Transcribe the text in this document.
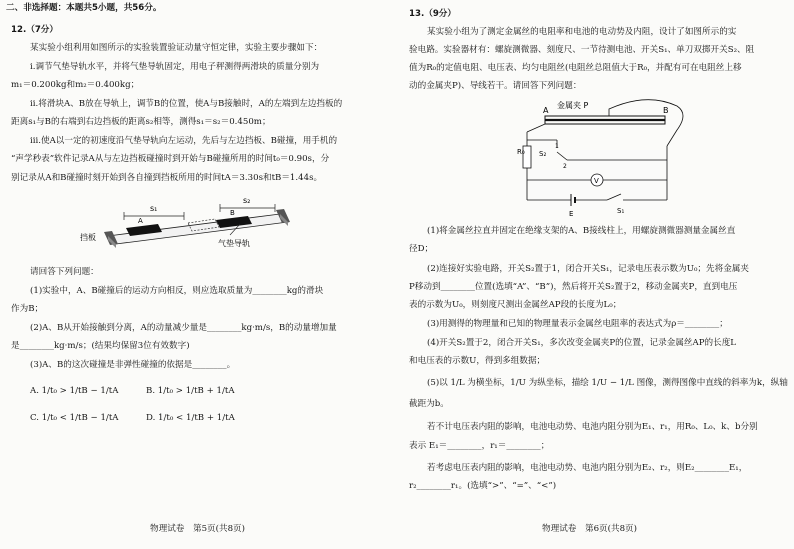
二、非选择题：本题共5小题，共56分。
12.（7分）
某实验小组利用如图所示的实验装置验证动量守恒定律，实验主要步骤如下：
i.调节气垫导轨水平，并将气垫导轨固定，用电子秤测得两滑块的质量分别为
m₁＝0.200kg和m₂＝0.400kg；
ii.将滑块A、B放在导轨上，调节B的位置，使A与B接触时，A的左端到左边挡板的
距离s₁与B的右端到右边挡板的距离s₂相等，测得s₁＝s₂＝0.450m；
iii.使A以一定的初速度沿气垫导轨向左运动，先后与左边挡板、B碰撞，用手机的
“声学秒表”软件记录A从与左边挡板碰撞时到开始与B碰撞所用的时间t₀＝0.90s，分
别记录从A和B碰撞时刻开始到各自撞到挡板所用的时间tA＝3.30s和tB＝1.44s。
s₁
s₂
A
B
挡板
气垫导轨
请回答下列问题：
(1)实验中，A、B碰撞后的运动方向相反，则应选取质量为________kg的滑块
作为B；
(2)A、B从开始接触到分离，A的动量减少量是________kg·m/s，B的动量增加量
是________kg·m/s；(结果均保留3位有效数字)
(3)A、B的这次碰撞是非弹性碰撞的依据是________。
A. 1/t₀ > 1/tB − 1/tA	B. 1/t₀ > 1/tB + 1/tA
C. 1/t₀ < 1/tB − 1/tA	D. 1/t₀ < 1/tB + 1/tA
物理试卷　第5页(共8页)
13.（9分）
某实验小组为了测定金属丝的电阻率和电池的电动势及内阻，设计了如图所示的实
验电路。实验器材有：螺旋测微器、刻度尺、一节待测电池、开关S₁、单刀双掷开关S₂、阻
值为R₀的定值电阻、电压表、均匀电阻丝(电阻丝总阻值大于R₀，并配有可在电阻丝上移
动的金属夹P)、导线若干。请回答下列问题：
金属夹 P
A	B
R₀ S₂
1
2
V
E	S₁
(1)将金属丝拉直并固定在绝缘支架的A、B接线柱上，用螺旋测微器测量金属丝直
径D；
(2)连接好实验电路，开关S₂置于1，闭合开关S₁，记录电压表示数为U₀；先将金属夹
P移动到________位置(选填“A”、“B”)，然后将开关S₂置于2，移动金属夹P，直到电压
表的示数为U₀，则刻度尺测出金属丝AP段的长度为L₀；
(3)用测得的物理量和已知的物理量表示金属丝电阻率的表达式为ρ＝________；
(4)开关S₂置于2，闭合开关S₁，多次改变金属夹P的位置，记录金属丝AP的长度L
和电压表的示数U，得到多组数据；
(5)以 1/L 为横坐标，1/U 为纵坐标，描绘 1/U − 1/L 图像，测得图像中直线的斜率为k，纵轴
截距为b。
若不计电压表内阻的影响，电池电动势、电池内阻分别为E₁、r₁，用R₀、L₀、k、b分别
表示 E₁＝________，r₁＝________；
若考虑电压表内阻的影响，电池电动势、电池内阻分别为E₂、r₂，则E₂________E₁，
r₂________r₁。(选填“>”、“=”、“<”)
物理试卷　第6页(共8页)
